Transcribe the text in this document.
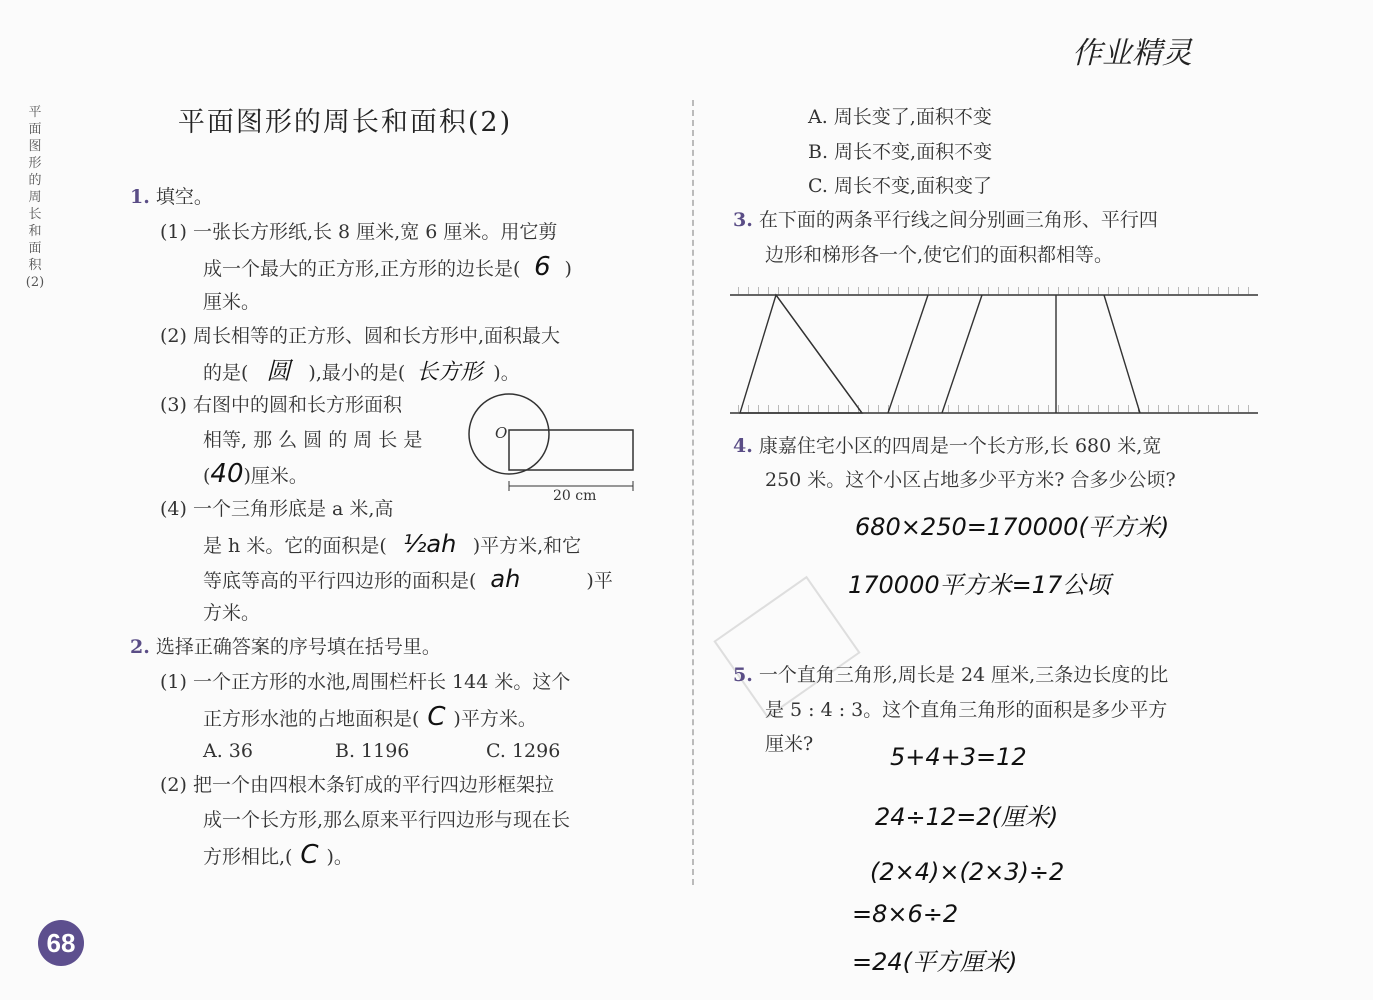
平面图形的周长和面积(2)
平面图形的周长和面积(2)
作业精灵
68
1. 填空。
(1) 一张长方形纸,长 8 厘米,宽 6 厘米。用它剪
成一个最大的正方形,正方形的边长是( 6 )
厘米。
(2) 周长相等的正方形、圆和长方形中,面积最大
的是( 圆 ),最小的是( 长方形 )。
(3) 右图中的圆和长方形面积
相等, 那 么 圆 的 周 长 是
(40)厘米。
O
20 cm
(4) 一个三角形底是 a 米,高
是 h 米。它的面积是( ½ah )平方米,和它
等底等高的平行四边形的面积是( ah	)平
方米。
2. 选择正确答案的序号填在括号里。
(1) 一个正方形的水池,周围栏杆长 144 米。这个
正方形水池的占地面积是( C )平方米。
A. 36	B. 1196	C. 1296
(2) 把一个由四根木条钉成的平行四边形框架拉
成一个长方形,那么原来平行四边形与现在长
方形相比,( C )。
A. 周长变了,面积不变
B. 周长不变,面积不变
C. 周长不变,面积变了
3. 在下面的两条平行线之间分别画三角形、平行四
边形和梯形各一个,使它们的面积都相等。
4. 康嘉住宅小区的四周是一个长方形,长 680 米,宽
250 米。这个小区占地多少平方米? 合多少公顷?
680×250=170000(平方米)
170000平方米=17公顷
5. 一个直角三角形,周长是 24 厘米,三条边长度的比
是 5 : 4 : 3。这个直角三角形的面积是多少平方
厘米?	5+4+3=12
24÷12=2(厘米)
(2×4)×(2×3)÷2
=8×6÷2
=24(平方厘米)
